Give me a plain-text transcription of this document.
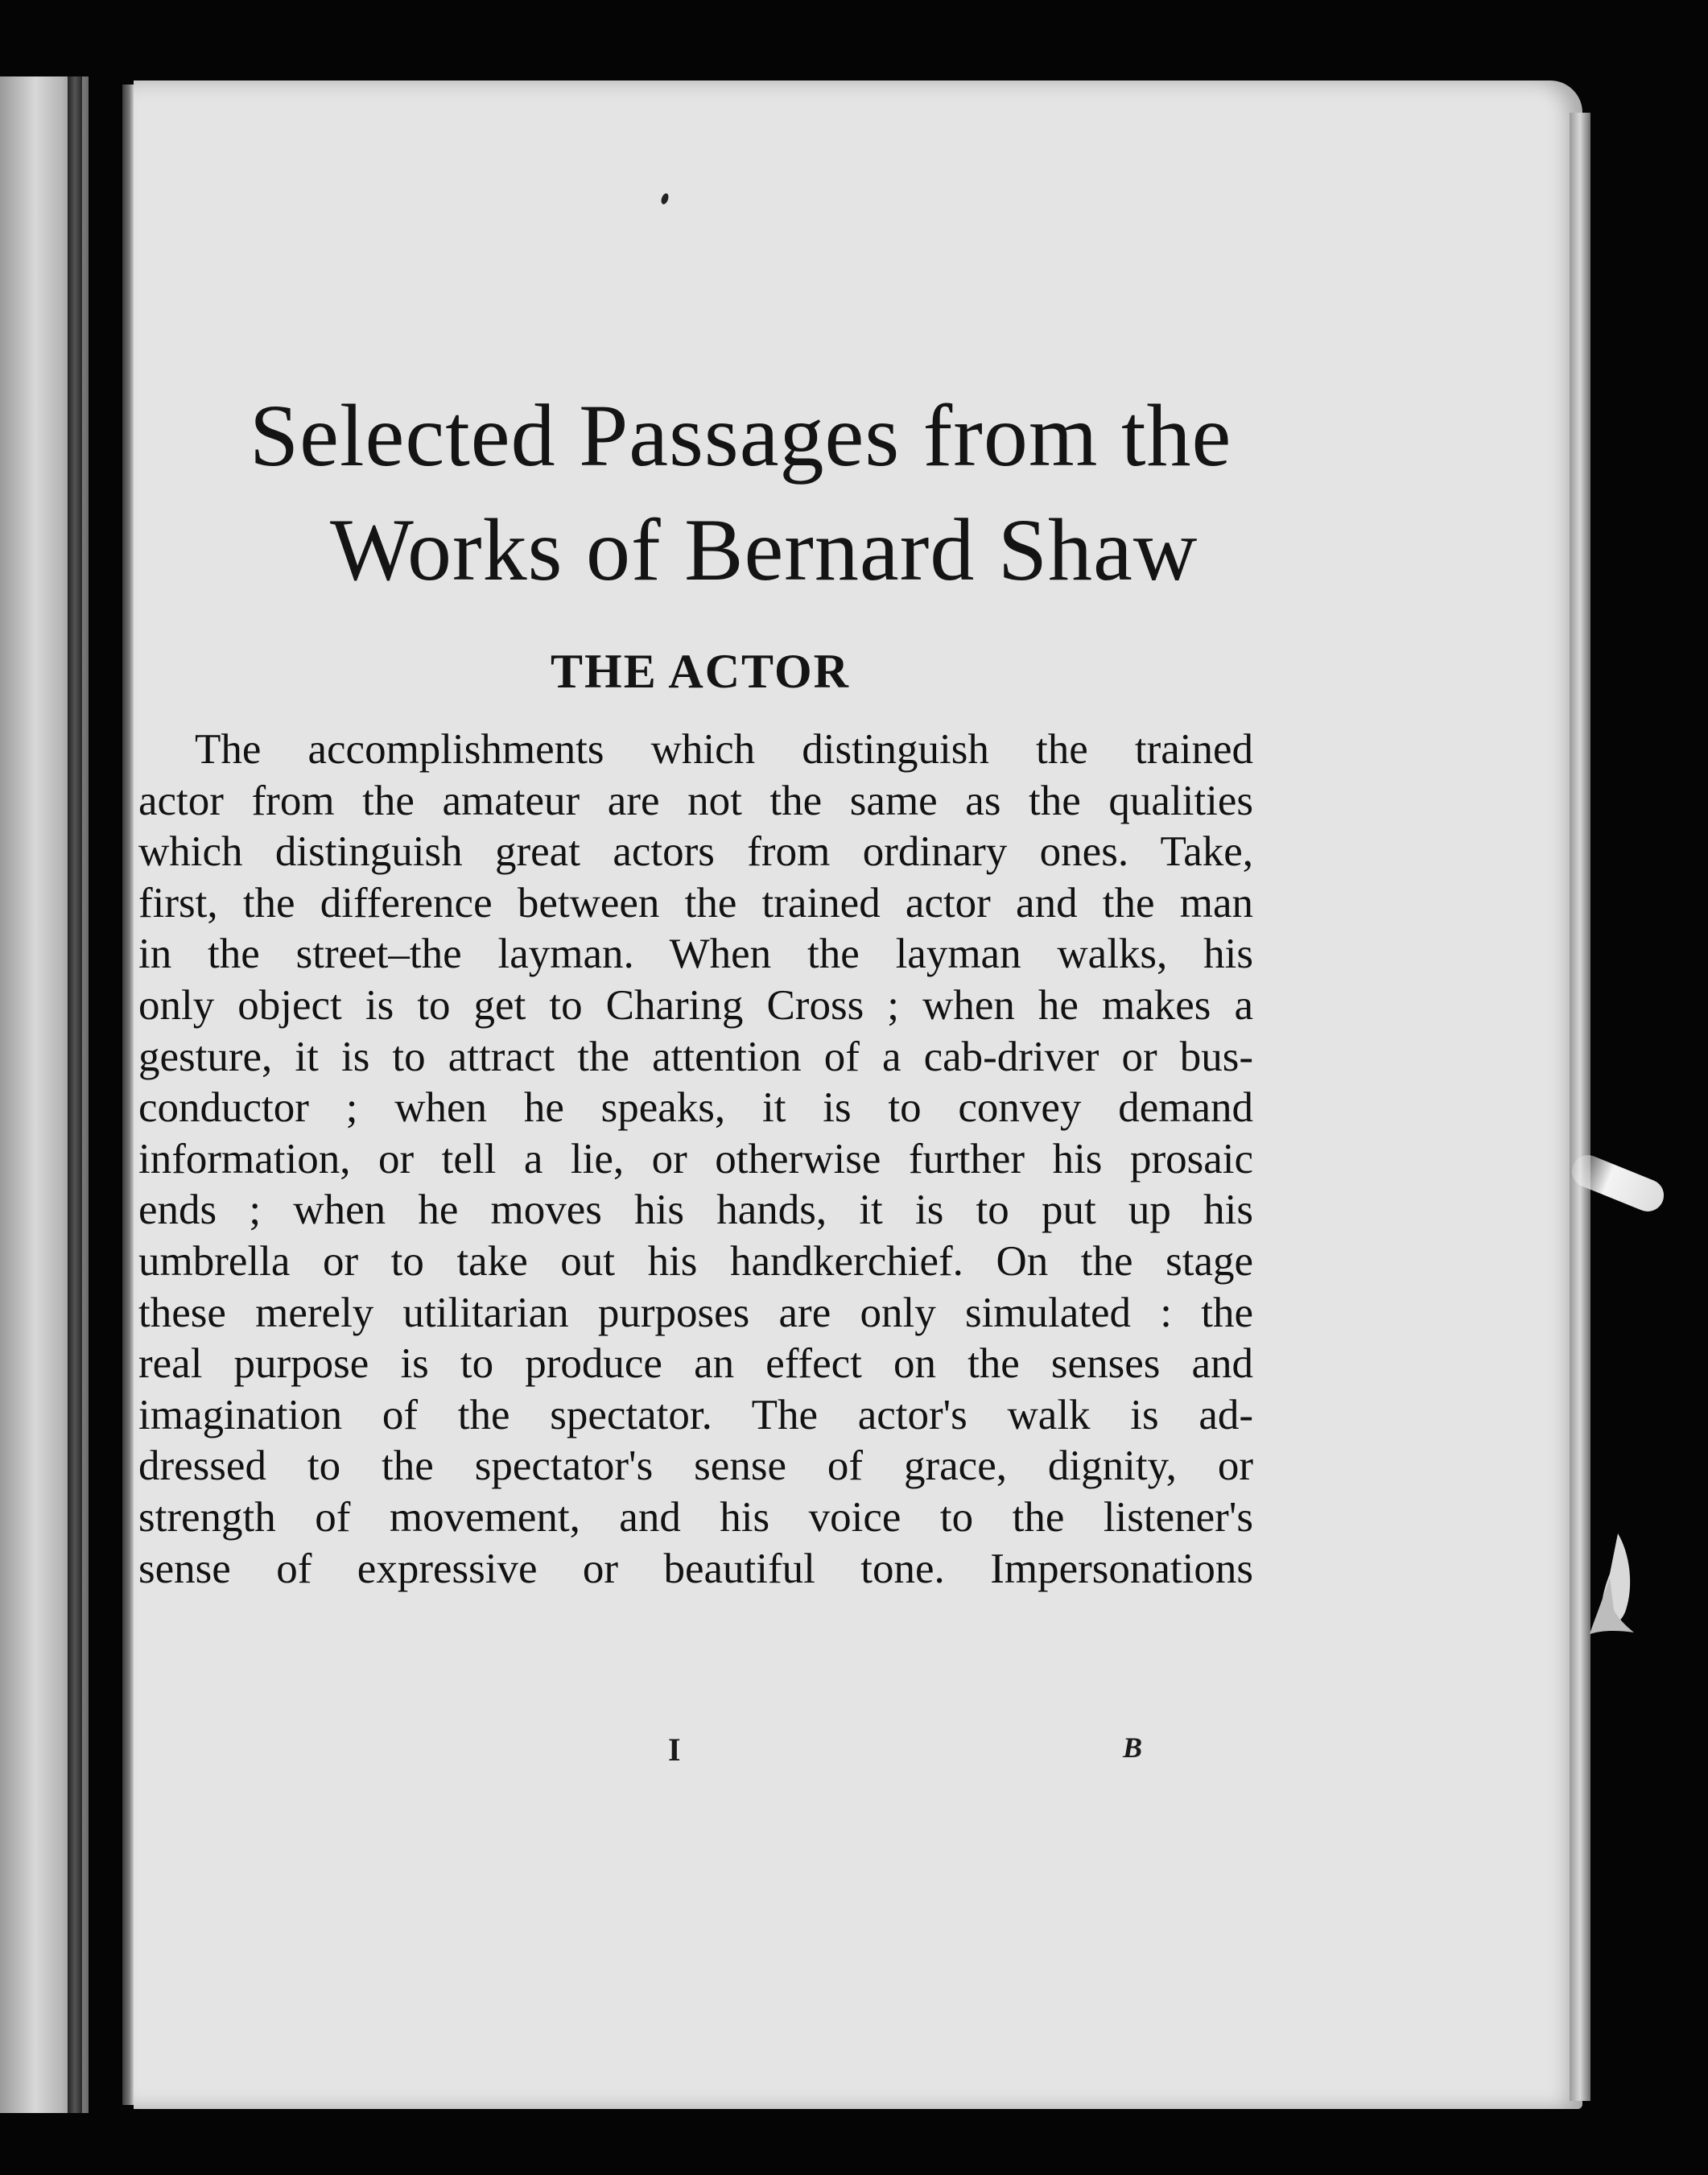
Selected Passages from the
Works of Bernard Shaw
THE ACTOR
The accomplishments which distinguish the trained
actor from the amateur are not the same as the qualities
which distinguish great actors from ordinary ones. Take,
first, the difference between the trained actor and the man
in the street–the layman. When the layman walks, his
only object is to get to Charing Cross ; when he makes a
gesture, it is to attract the attention of a cab-driver or bus-
conductor ; when he speaks, it is to convey demand
information, or tell a lie, or otherwise further his prosaic
ends ; when he moves his hands, it is to put up his
umbrella or to take out his handkerchief. On the stage
these merely utilitarian purposes are only simulated : the
real purpose is to produce an effect on the senses and
imagination of the spectator. The actor's walk is ad-
dressed to the spectator's sense of grace, dignity, or
strength of movement, and his voice to the listener's
sense of expressive or beautiful tone. Impersonations
I	B
